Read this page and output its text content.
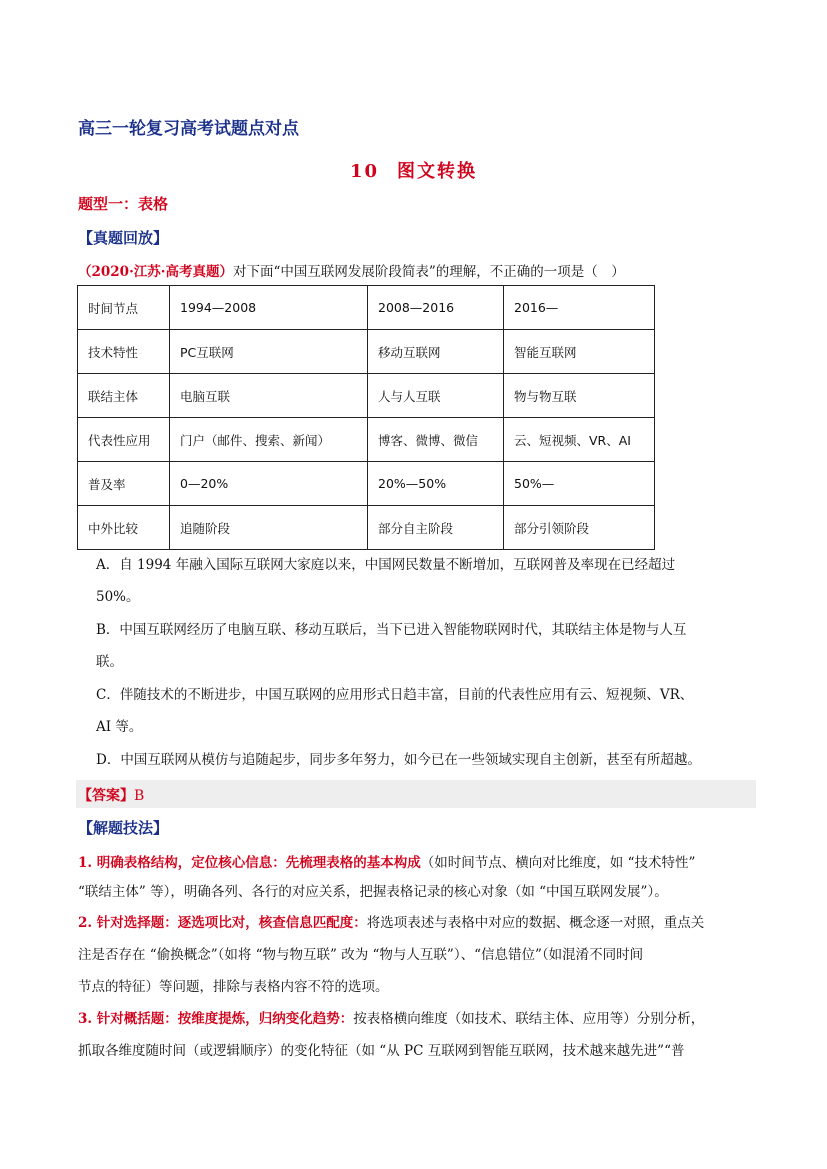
高三一轮复习高考试题点对点
10 图文转换
题型一：表格
【真题回放】
（2020·江苏·高考真题）对下面“中国互联网发展阶段简表”的理解，不正确的一项是（　）
时间节点	1994—2008	2008—2016	2016—
技术特性	PC互联网	移动互联网	智能互联网
联结主体	电脑互联	人与人互联	物与物互联
代表性应用	门户（邮件、搜索、新闻）	博客、微博、微信	云、短视频、VR、AI
普及率	0—20%	20%—50%	50%—
中外比较	追随阶段	部分自主阶段	部分引领阶段
A．自 1994 年融入国际互联网大家庭以来，中国网民数量不断增加，互联网普及率现在已经超过
50%。
B．中国互联网经历了电脑互联、移动互联后，当下已进入智能物联网时代，其联结主体是物与人互
联。
C．伴随技术的不断进步，中国互联网的应用形式日趋丰富，目前的代表性应用有云、短视频、VR、
AI 等。
D．中国互联网从模仿与追随起步，同步多年努力，如今已在一些领域实现自主创新，甚至有所超越。
【答案】B
【解题技法】
1. 明确表格结构，定位核心信息：先梳理表格的基本构成（如时间节点、横向对比维度，如 “技术特性”
“联结主体” 等），明确各列、各行的对应关系，把握表格记录的核心对象（如 “中国互联网发展”）。
2. 针对选择题：逐选项比对，核查信息匹配度：将选项表述与表格中对应的数据、概念逐一对照，重点关
注是否存在 “偷换概念”（如将 “物与物互联” 改为 “物与人互联”）、“信息错位”（如混淆不同时间
节点的特征）等问题，排除与表格内容不符的选项。
3. 针对概括题：按维度提炼，归纳变化趋势：按表格横向维度（如技术、联结主体、应用等）分别分析，
抓取各维度随时间（或逻辑顺序）的变化特征（如 “从 PC 互联网到智能互联网，技术越来越先进”“普
